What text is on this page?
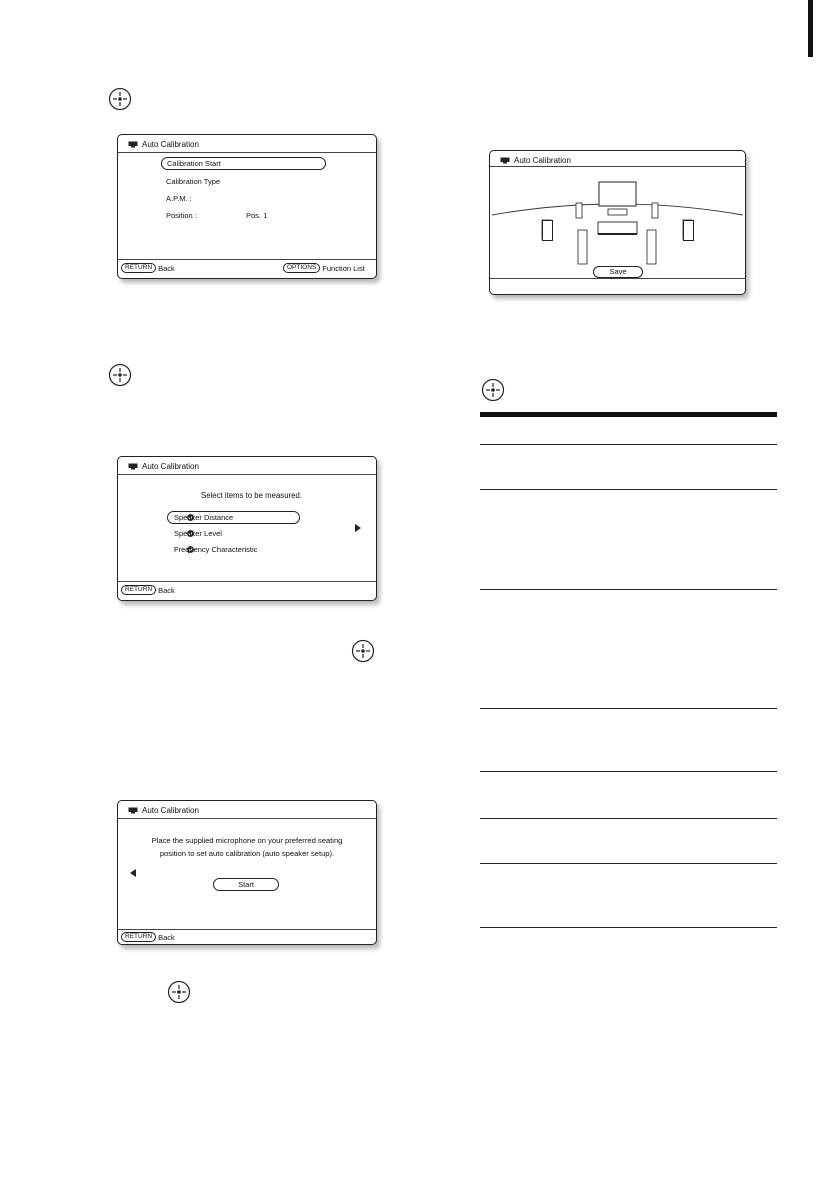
Auto Calibration
Calibration Start
Calibration Type
A.P.M. :
Position :	Pos. 1
RETURN Back	OPTIONS Function List
Auto Calibration
Select items to be measured.
Speaker Distance
Speaker Level
Frequency Characteristic
RETURN Back
Auto Calibration
Place the supplied microphone on your preferred seating
position to set auto calibration (auto speaker setup).
Start
RETURN Back
Auto Calibration
Save
